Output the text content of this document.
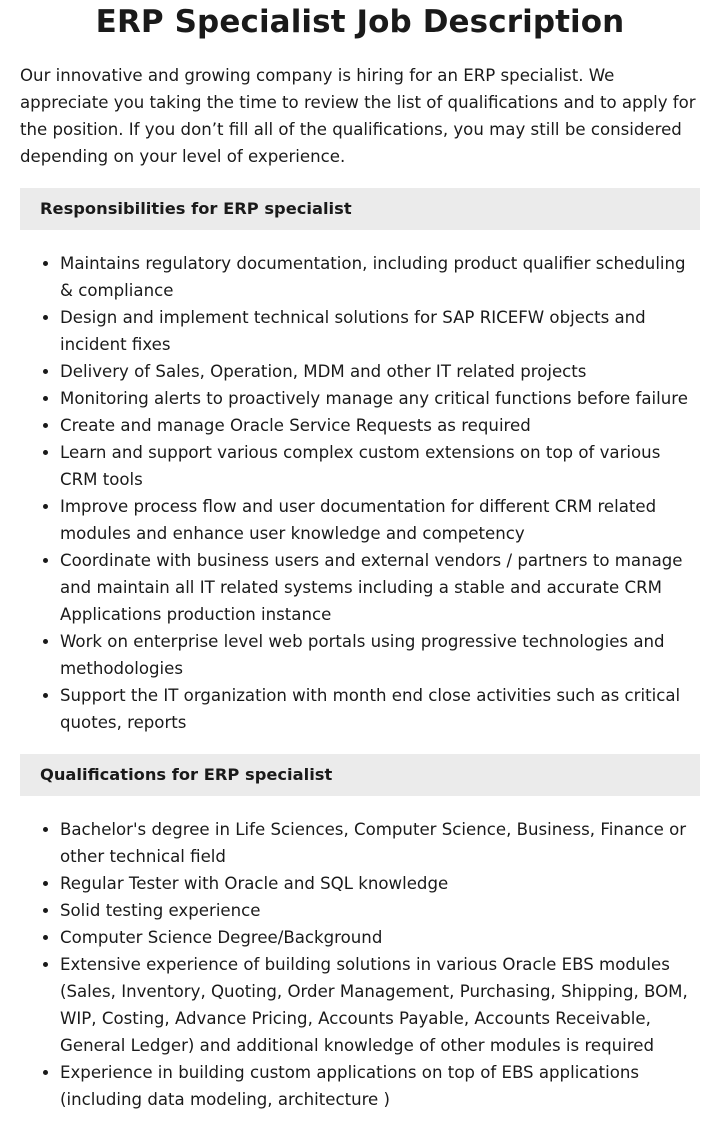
ERP Specialist Job Description

Our innovative and growing company is hiring for an ERP specialist. We appreciate you taking the time to review the list of qualifications and to apply for the position. If you don’t fill all of the qualifications, you may still be considered depending on your level of experience.

Responsibilities for ERP specialist
• Maintains regulatory documentation, including product qualifier scheduling & compliance
• Design and implement technical solutions for SAP RICEFW objects and incident fixes
• Delivery of Sales, Operation, MDM and other IT related projects
• Monitoring alerts to proactively manage any critical functions before failure
• Create and manage Oracle Service Requests as required
• Learn and support various complex custom extensions on top of various CRM tools
• Improve process flow and user documentation for different CRM related modules and enhance user knowledge and competency
• Coordinate with business users and external vendors / partners to manage and maintain all IT related systems including a stable and accurate CRM Applications production instance
• Work on enterprise level web portals using progressive technologies and methodologies
• Support the IT organization with month end close activities such as critical quotes, reports
Qualifications for ERP specialist
• Bachelor's degree in Life Sciences, Computer Science, Business, Finance or other technical field
• Regular Tester with Oracle and SQL knowledge
• Solid testing experience
• Computer Science Degree/Background
• Extensive experience of building solutions in various Oracle EBS modules (Sales, Inventory, Quoting, Order Management, Purchasing, Shipping, BOM, WIP, Costing, Advance Pricing, Accounts Payable, Accounts Receivable, General Ledger) and additional knowledge of other modules is required
• Experience in building custom applications on top of EBS applications (including data modeling, architecture )
